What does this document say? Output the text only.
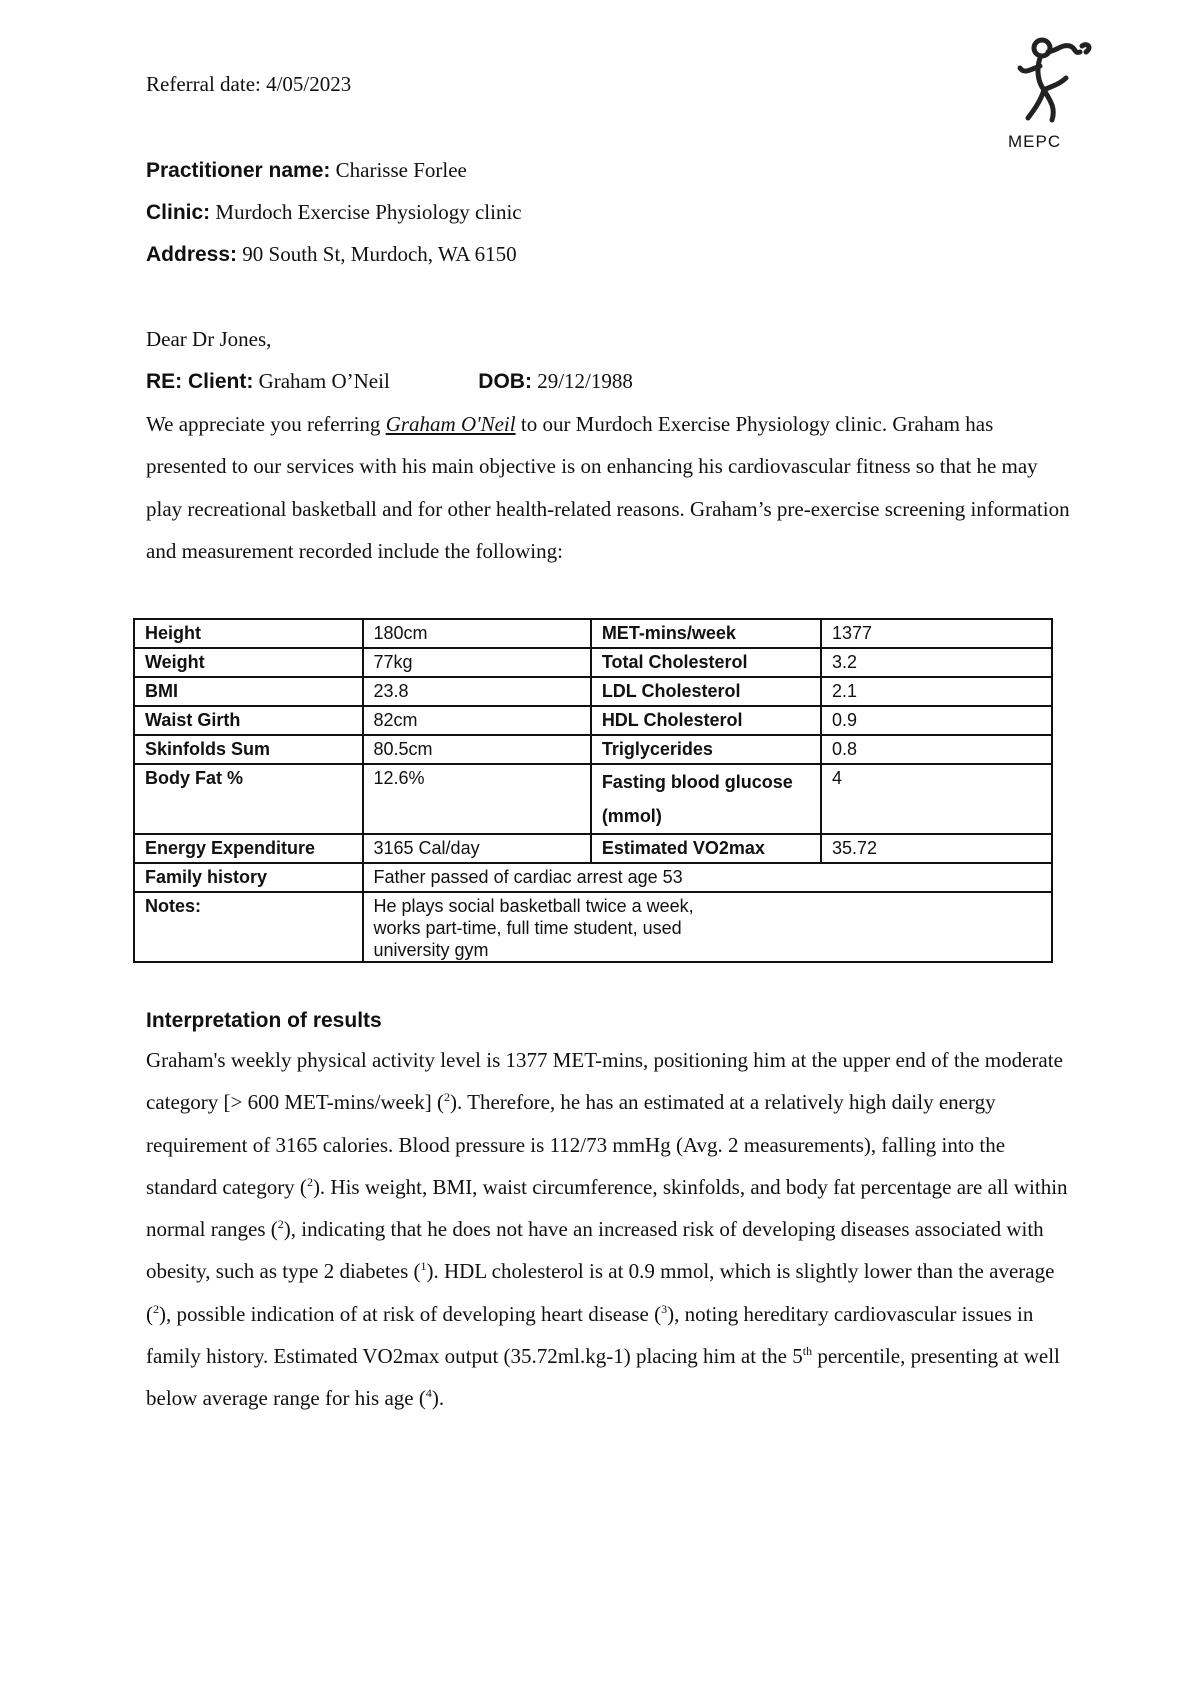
Referral date: 4/05/2023
MEPC
Practitioner name: Charisse Forlee
Clinic: Murdoch Exercise Physiology clinic
Address: 90 South St, Murdoch, WA 6150
Dear Dr Jones,
RE: Client: Graham O’Neil	DOB: 29/12/1988

We appreciate you referring Graham O'Neil to our Murdoch Exercise Physiology clinic. Graham has presented to our services with his main objective is on enhancing his cardiovascular fitness so that he may play recreational basketball and for other health-related reasons. Graham’s pre-exercise screening information and measurement recorded include the following:

Height	180cm	MET-mins/week	1377
Weight	77kg	Total Cholesterol	3.2
BMI	23.8	LDL Cholesterol	2.1
Waist Girth	82cm	HDL Cholesterol	0.9
Skinfolds Sum	80.5cm	Triglycerides	0.8
Body Fat %	12.6%	Fasting blood glucose (mmol)	4
Energy Expenditure	3165 Cal/day	Estimated VO2max	35.72
Family history	Father passed of cardiac arrest age 53		
Notes:	He plays social basketball twice a week, works part-time, full time student, used university gym		
Interpretation of results

Graham's weekly physical activity level is 1377 MET-mins, positioning him at the upper end of the moderate category [> 600 MET-mins/week] ($^2$). Therefore, he has an estimated at a relatively high daily energy requirement of 3165 calories. Blood pressure is 112/73 mmHg (Avg. 2 measurements), falling into the standard category ($^2$). His weight, BMI, waist circumference, skinfolds, and body fat percentage are all within normal ranges ($^2$), indicating that he does not have an increased risk of developing diseases associated with obesity, such as type 2 diabetes ($^1$). HDL cholesterol is at 0.9 mmol, which is slightly lower than the average ($^2$), possible indication of at risk of developing heart disease ($^3$), noting hereditary cardiovascular issues in family history. Estimated VO2max output (35.72ml.kg-1) placing him at the 5th percentile, presenting at well below average range for his age ($^4$).
